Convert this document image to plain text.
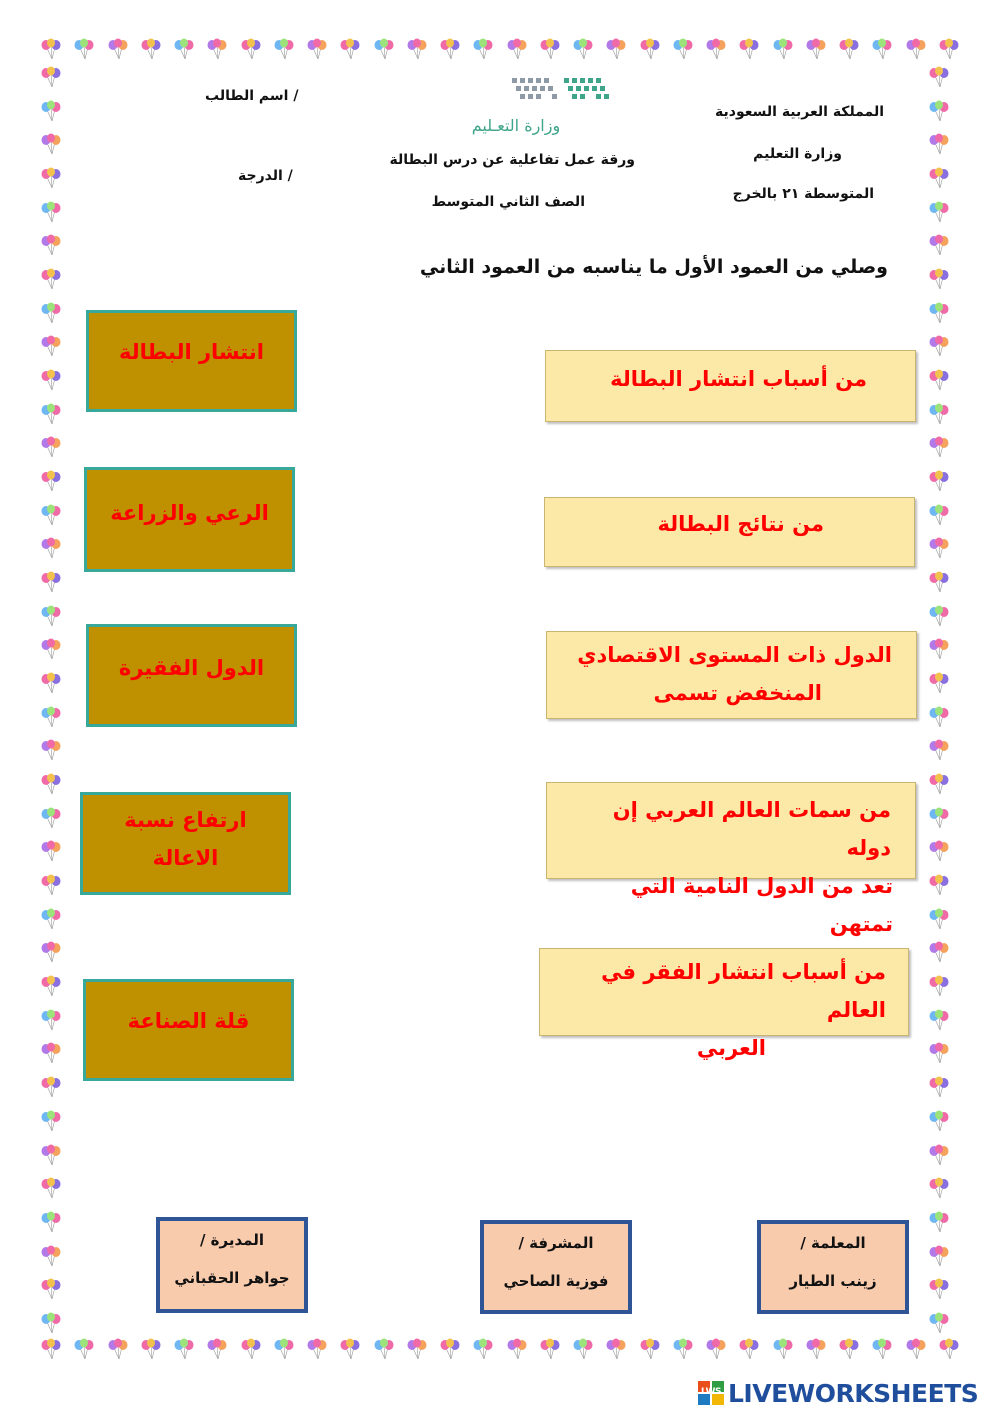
المملكة العربية السعودية
وزارة التعليم
المتوسطة ٢١ بالخرج
وزارة التعـليم
ورقة عمل تفاعلية عن درس البطالة
الصف الثاني المتوسط
اسم الطالب /
الدرجة /
وصلي من العمود الأول ما يناسبه من العمود الثاني
من أسباب انتشار البطالة
من نتائج البطالة
الدول ذات المستوى الاقتصادي
المنخفض تسمى
من سمات العالم العربي إن دوله
تعد من الدول النامية التي تمتهن
من أسباب انتشار الفقر في العالم
العربي
انتشار البطالة
الرعي والزراعة
الدول الفقيرة
ارتفاع نسبة
الاعالة
قلة الصناعة
المعلمة /
زينب الطيار
المشرفة /
فوزية الصاحي
المديرة /
جواهر الحقباني
LWS LIVEWORKSHEETS
